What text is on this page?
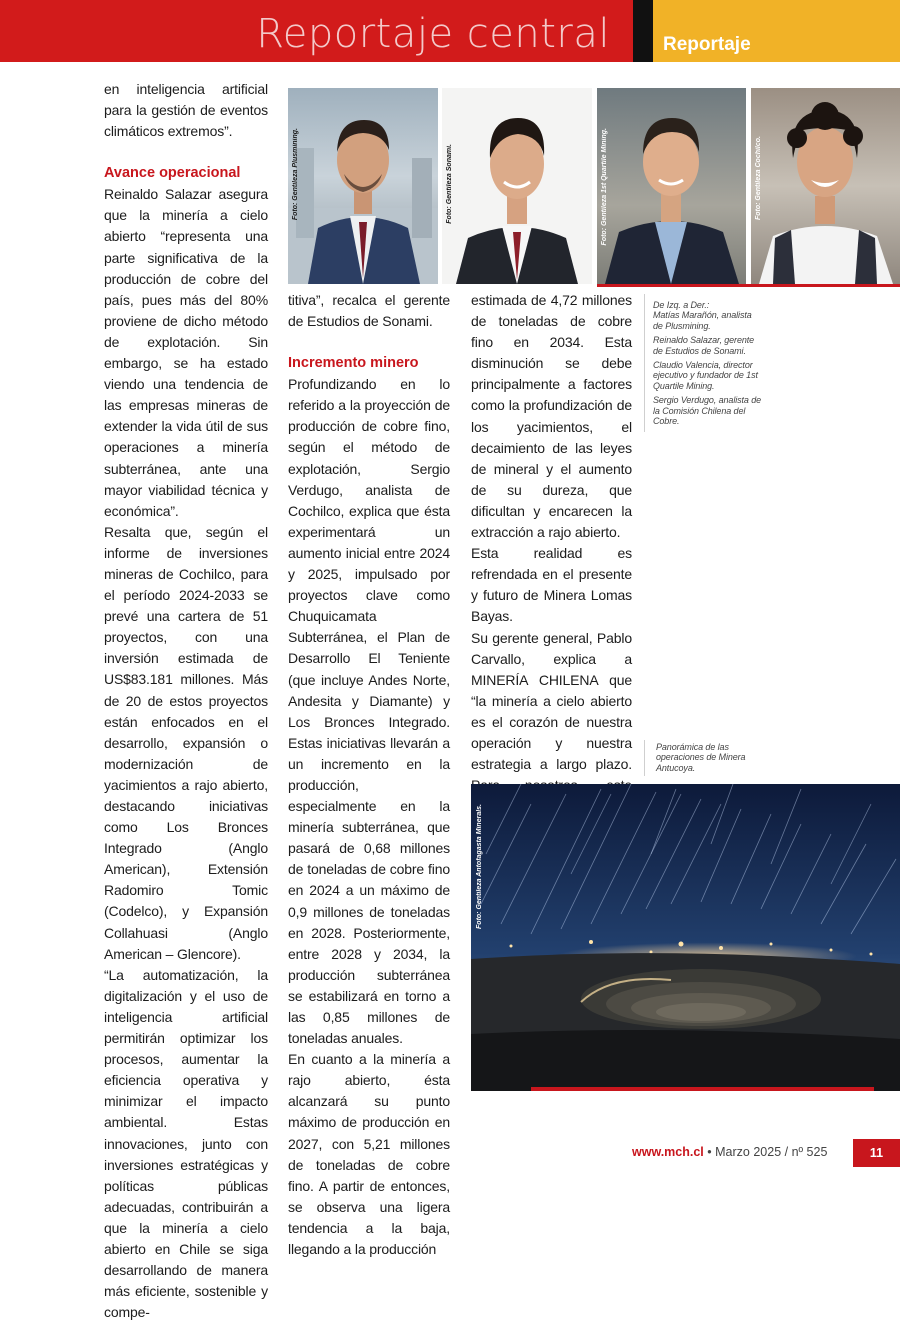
Reportaje central	Reportaje

en inteligencia artificial para la gestión de eventos climáticos extremos”.

Avance operacional

Reinaldo Salazar asegura que la minería a cielo abierto “representa una parte significativa de la producción de cobre del país, pues más del 80% proviene de dicho método de explotación. Sin embargo, se ha estado viendo una tendencia de las empresas mineras de extender la vida útil de sus operaciones a minería subterránea, ante una mayor viabilidad técnica y económica”.

Resalta que, según el informe de inversiones mineras de Cochilco, para el período 2024-2033 se prevé una cartera de 51 proyectos, con una inversión estimada de US$83.181 millones. Más de 20 de estos proyectos están enfocados en el desarrollo, expansión o modernización de yacimientos a rajo abierto, destacando iniciativas como Los Bronces Integrado (Anglo American), Extensión Radomiro Tomic (Codelco), y Expansión Collahuasi (Anglo American – Glencore).

“La automatización, la digitalización y el uso de inteligencia artificial permitirán optimizar los procesos, aumentar la eficiencia operativa y minimizar el impacto ambiental. Estas innovaciones, junto con inversiones estratégicas y políticas públicas adecuadas, contribuirán a que la minería a cielo abierto en Chile se siga desarrollando de manera más eficiente, sostenible y compe-

titiva”, recalca el gerente de Estudios de Sonami.

Incremento minero

Profundizando en lo referido a la proyección de producción de cobre fino, según el método de explotación, Sergio Verdugo, analista de Cochilco, explica que ésta experimentará un aumento inicial entre 2024 y 2025, impulsado por proyectos clave como Chuquicamata Subterránea, el Plan de Desarrollo El Teniente (que incluye Andes Norte, Andesita y Diamante) y Los Bronces Integrado. Estas iniciativas llevarán a un incremento en la producción, especialmente en la minería subterránea, que pasará de 0,68 millones de toneladas de cobre fino en 2024 a un máximo de 0,9 millones de toneladas en 2028. Posteriormente, entre 2028 y 2034, la producción subterránea se estabilizará en torno a las 0,85 millones de toneladas anuales.

En cuanto a la minería a rajo abierto, ésta alcanzará su punto máximo de producción en 2027, con 5,21 millones de toneladas de cobre fino. A partir de entonces, se observa una ligera tendencia a la baja, llegando a la producción

estimada de 4,72 millones de toneladas de cobre fino en 2034. Esta disminución se debe principalmente a factores como la profundización de los yacimientos, el decaimiento de las leyes de mineral y el aumento de su dureza, que dificultan y encarecen la extracción a rajo abierto.

Esta realidad es refrendada en el presente y futuro de Minera Lomas Bayas.

Su gerente general, Pablo Carvallo, explica a MINERÍA CHILENA que “la minería a cielo abierto es el corazón de nuestra operación y nuestra estrategia a largo plazo.

Foto: Gentileza Plusmining.	Foto: Gentileza Sonami.	Foto: Gentileza 1st Quartile Mining.	Foto: Gentileza Cochilco.

De Izq. a Der.:

Matías Marañón, analista de Plusmining.

Reinaldo Salazar, gerente de Estudios de Sonami.

Claudio Valencia, director ejecutivo y fundador de 1st Quartile Mining.

Sergio Verdugo, analista de la Comisión Chilena del Cobre.

Panorámica de las operaciones de Minera Antucoya.
Foto: Gentileza Antofagasta Minerals.
www.mch.cl • Marzo 2025 / nº 525	11
